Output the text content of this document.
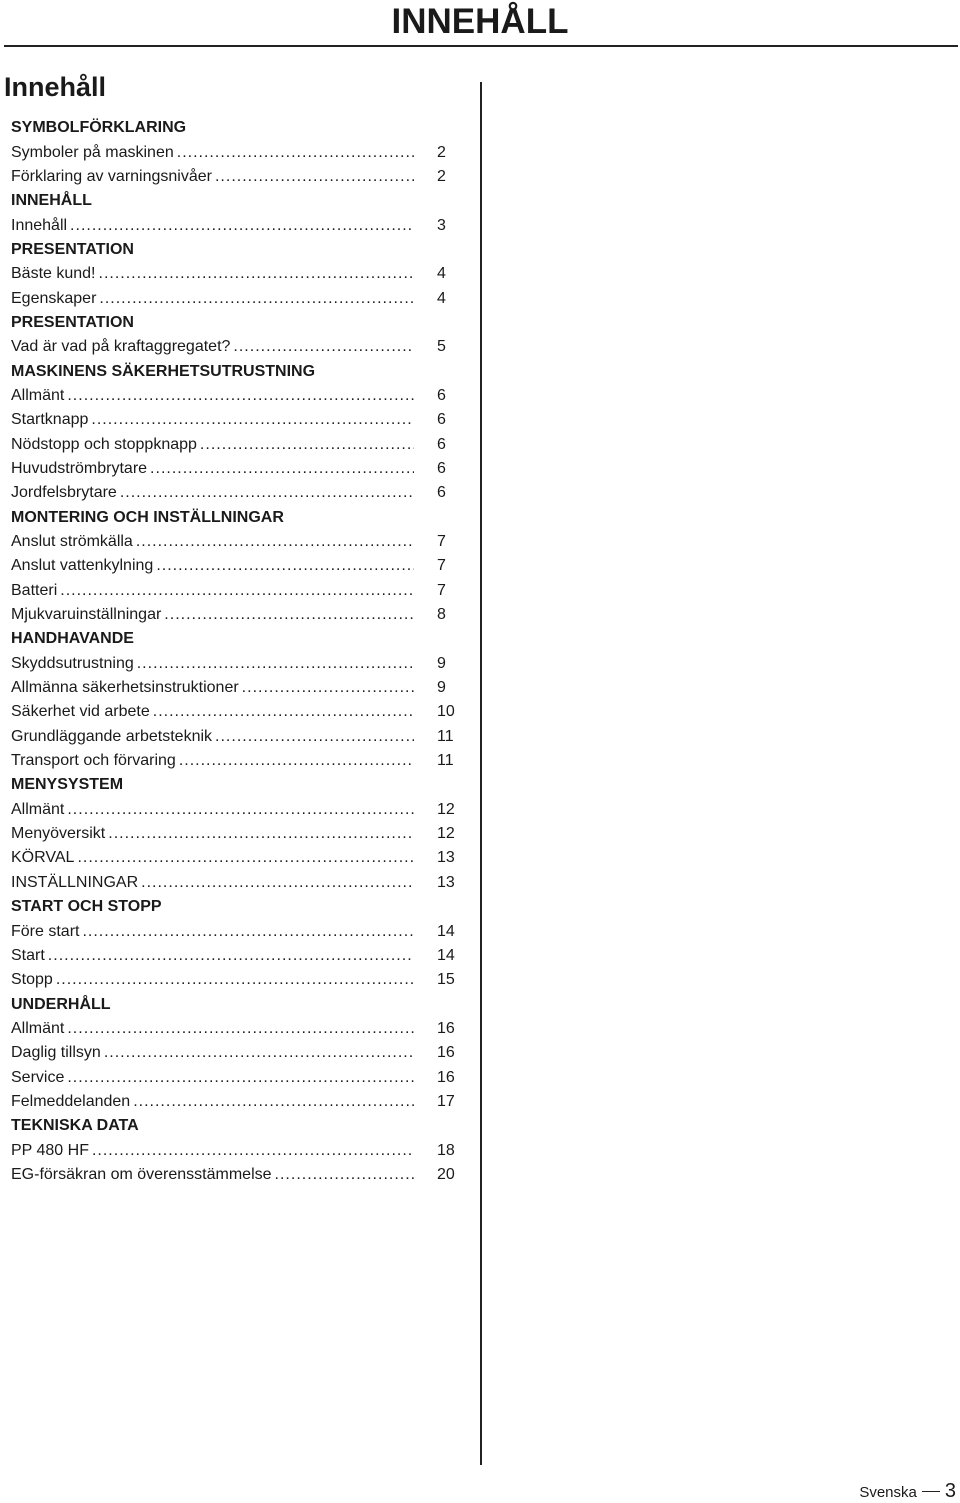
INNEHÅLL
Innehåll
SYMBOLFÖRKLARING
Symboler på maskinen .....	2
Förklaring av varningsnivåer .....	2
INNEHÅLL
Innehåll .....	3
PRESENTATION
Bäste kund! .....	4
Egenskaper .....	4
PRESENTATION
Vad är vad på kraftaggregatet? .....	5
MASKINENS SÄKERHETSUTRUSTNING
Allmänt .....	6
Startknapp .....	6
Nödstopp och stoppknapp .....	6
Huvudströmbrytare .....	6
Jordfelsbrytare .....	6
MONTERING OCH INSTÄLLNINGAR
Anslut strömkälla .....	7
Anslut vattenkylning .....	7
Batteri .....	7
Mjukvaruinställningar .....	8
HANDHAVANDE
Skyddsutrustning .....	9
Allmänna säkerhetsinstruktioner .....	9
Säkerhet vid arbete .....	10
Grundläggande arbetsteknik .....	11
Transport och förvaring .....	11
MENYSYSTEM
Allmänt .....	12
Menyöversikt .....	12
KÖRVAL .....	13
INSTÄLLNINGAR .....	13
START OCH STOPP
Före start .....	14
Start .....	14
Stopp .....	15
UNDERHÅLL
Allmänt .....	16
Daglig tillsyn .....	16
Service .....	16
Felmeddelanden .....	17
TEKNISKA DATA
PP 480 HF .....	18
EG-försäkran om överensstämmelse .....	20
Svenska 3
